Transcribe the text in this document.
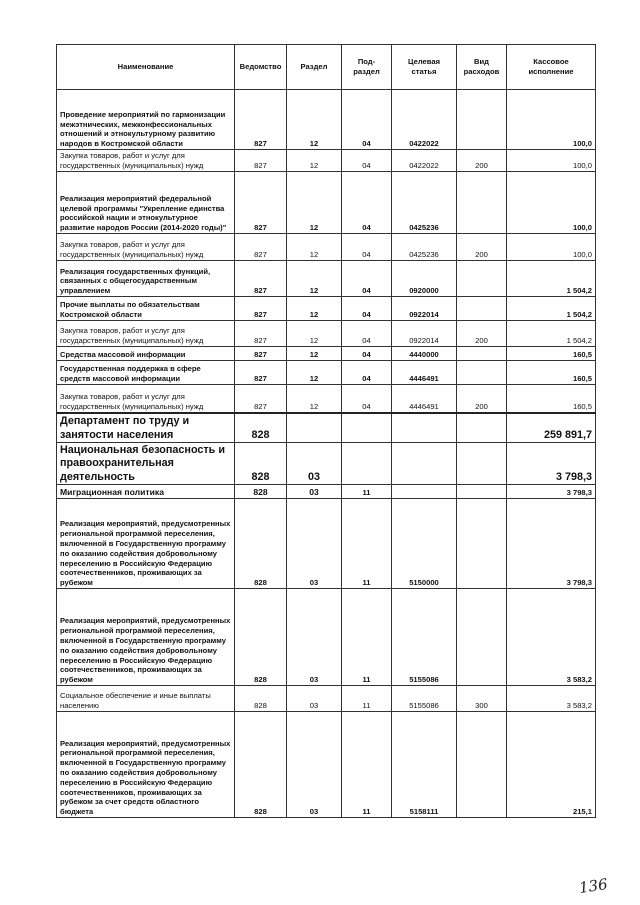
Наименование	Ведомство	Раздел	Под-раздел	Целевая статья	Вид расходов	Кассовое исполнение
Проведение мероприятий по гармонизации межэтнических, межконфессиональных отношений и этнокультурному развитию народов в Костромской области	827	12	04	0422022		100,0
Закупка товаров, работ и услуг для государственных (муниципальных) нужд	827	12	04	0422022	200	100,0
Реализация мероприятий федеральной целевой программы "Укрепление единства российской нации и этнокультурное развитие народов России (2014-2020 годы)"	827	12	04	0425236		100,0
Закупка товаров, работ и услуг для государственных (муниципальных) нужд	827	12	04	0425236	200	100,0
Реализация государственных функций, связанных с общегосударственным управлением	827	12	04	0920000		1 504,2
Прочие выплаты по обязательствам Костромской области	827	12	04	0922014		1 504,2
Закупка товаров, работ и услуг для государственных (муниципальных) нужд	827	12	04	0922014	200	1 504,2
Средства массовой информации	827	12	04	4440000		160,5
Государственная поддержка в сфере средств массовой информации	827	12	04	4446491		160,5
Закупка товаров, работ и услуг для государственных (муниципальных) нужд	827	12	04	4446491	200	160,5
Департамент по труду и занятости населения	828					259 891,7
Национальная безопасность и правоохранительная деятельность	828	03				3 798,3
Миграционная политика	828	03	11			3 798,3
Реализация мероприятий, предусмотренных региональной программой переселения, включенной в Государственную программу по оказанию содействия добровольному переселению в Российскую Федерацию соотечественников, проживающих за рубежом	828	03	11	5150000		3 798,3
Реализация мероприятий, предусмотренных региональной программой переселения, включенной в Государственную программу по оказанию содействия добровольному переселению в Российскую Федерацию соотечественников, проживающих за рубежом	828	03	11	5155086		3 583,2
Социальное обеспечение и иные выплаты населению	828	03	11	5155086	300	3 583,2
Реализация мероприятий, предусмотренных региональной программой переселения, включенной в Государственную программу по оказанию содействия добровольному переселению в Российскую Федерацию соотечественников, проживающих за рубежом за счет средств областного бюджета	828	03	11	5158111		215,1
136
